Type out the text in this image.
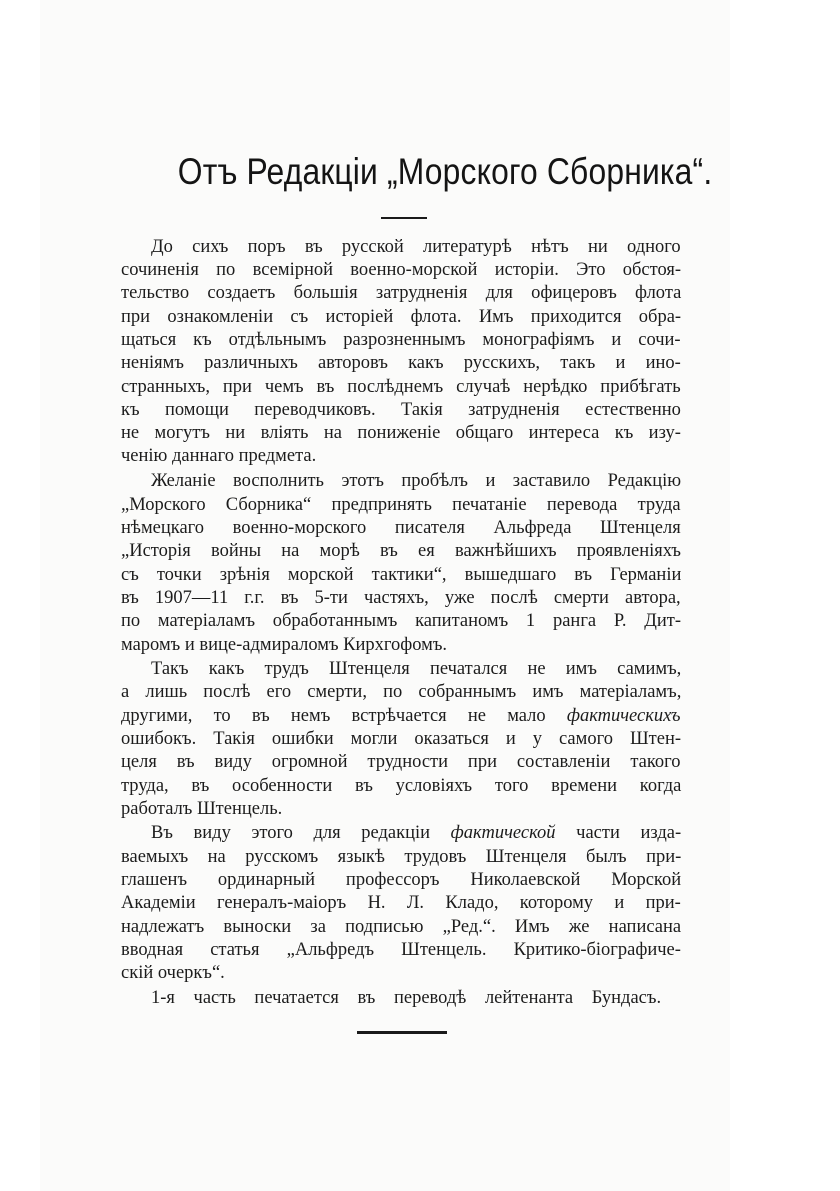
Отъ Редакціи „Морского Сборника“.
До сихъ поръ въ русской литературѣ нѣтъ ни одного
сочиненія по всемірной военно-морской исторіи. Это обстоя-
тельство создаетъ большія затрудненія для офицеровъ флота
при ознакомленіи съ исторіей флота. Имъ приходится обра-
щаться къ отдѣльнымъ разрозненнымъ монографіямъ и сочи-
неніямъ различныхъ авторовъ какъ русскихъ, такъ и ино-
странныхъ, при чемъ въ послѣднемъ случаѣ нерѣдко прибѣгать
къ помощи переводчиковъ. Такія затрудненія естественно
не могутъ ни вліять на пониженіе общаго интереса къ изу-
ченію даннаго предмета.
Желаніе восполнить этотъ пробѣлъ и заставило Редакцію
„Морского Сборника“ предпринять печатаніе перевода труда
нѣмецкаго военно-морского писателя Альфреда Штенцеля
„Исторія войны на морѣ въ ея важнѣйшихъ проявленіяхъ
съ точки зрѣнія морской тактики“, вышедшаго въ Германіи
въ 1907—11 г.г. въ 5-ти частяхъ, уже послѣ смерти автора,
по матеріаламъ обработаннымъ капитаномъ 1 ранга Р. Дит-
маромъ и вице-адмираломъ Кирхгофомъ.
Такъ какъ трудъ Штенцеля печатался не имъ самимъ,
а лишь послѣ его смерти, по собраннымъ имъ матеріаламъ,
другими, то въ немъ встрѣчается не мало фактическихъ
ошибокъ. Такія ошибки могли оказаться и у самого Штен-
целя въ виду огромной трудности при составленіи такого
труда, въ особенности въ условіяхъ того времени когда
работалъ Штенцель.
Въ виду этого для редакціи фактической части изда-
ваемыхъ на русскомъ языкѣ трудовъ Штенцеля былъ при-
глашенъ ординарный профессоръ Николаевской Морской
Академіи генералъ-маіоръ Н. Л. Кладо, которому и при-
надлежатъ выноски за подписью „Ред.“. Имъ же написана
вводная статья „Альфредъ Штенцель. Критико-біографиче-
скій очеркъ“.
1-я часть печатается въ переводѣ лейтенанта Бундасъ.
